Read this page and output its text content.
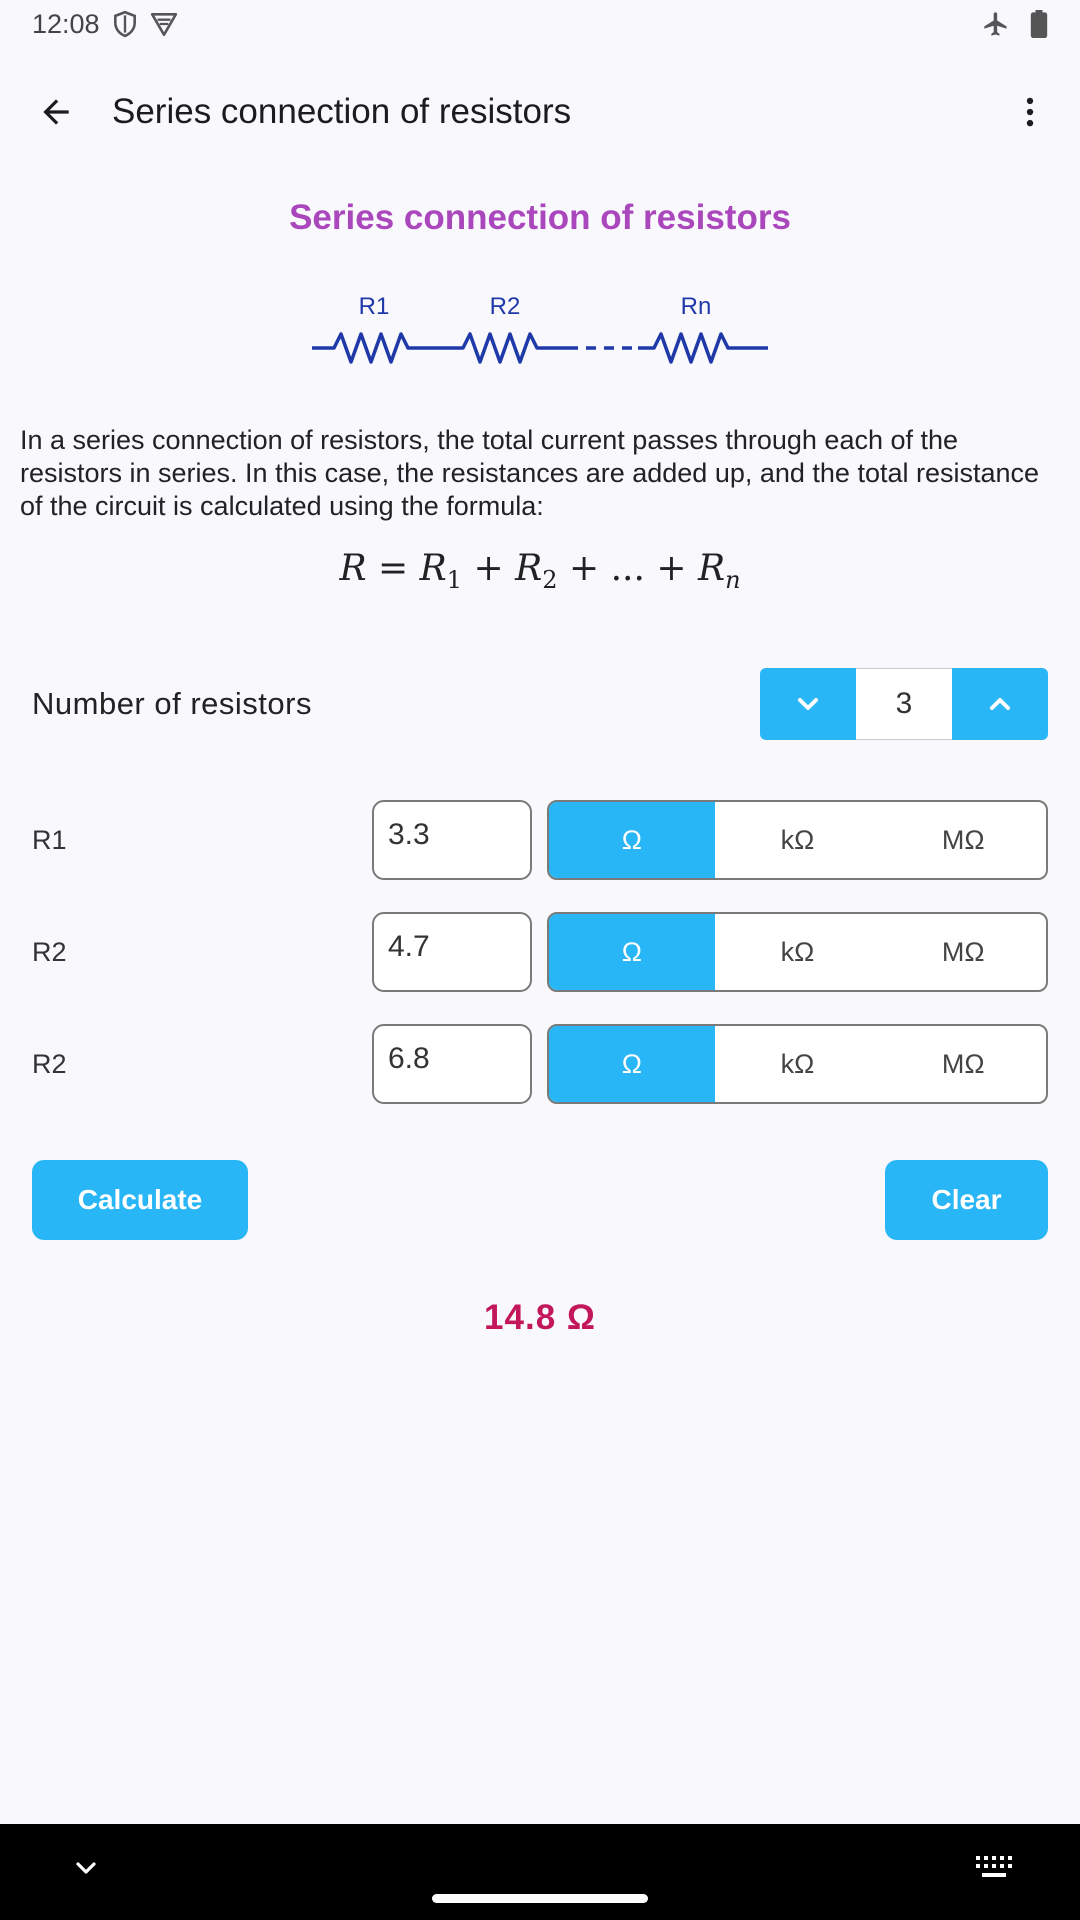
12:08
Series connection of resistors
Series connection of resistors
R1	R2	Rn
In a series connection of resistors, the total current passes through each of the resistors in series. In this case, the resistances are added up, and the total resistance of the circuit is calculated using the formula:
$R = R_1 + R_2$ + ... + $R_n$
Number of resistors	3
R1	3.3	Ω	kΩ	MΩ
R2	4.7	Ω	kΩ	MΩ
R2	6.8	Ω	kΩ	MΩ
Calculate	Clear
14.8 Ω
